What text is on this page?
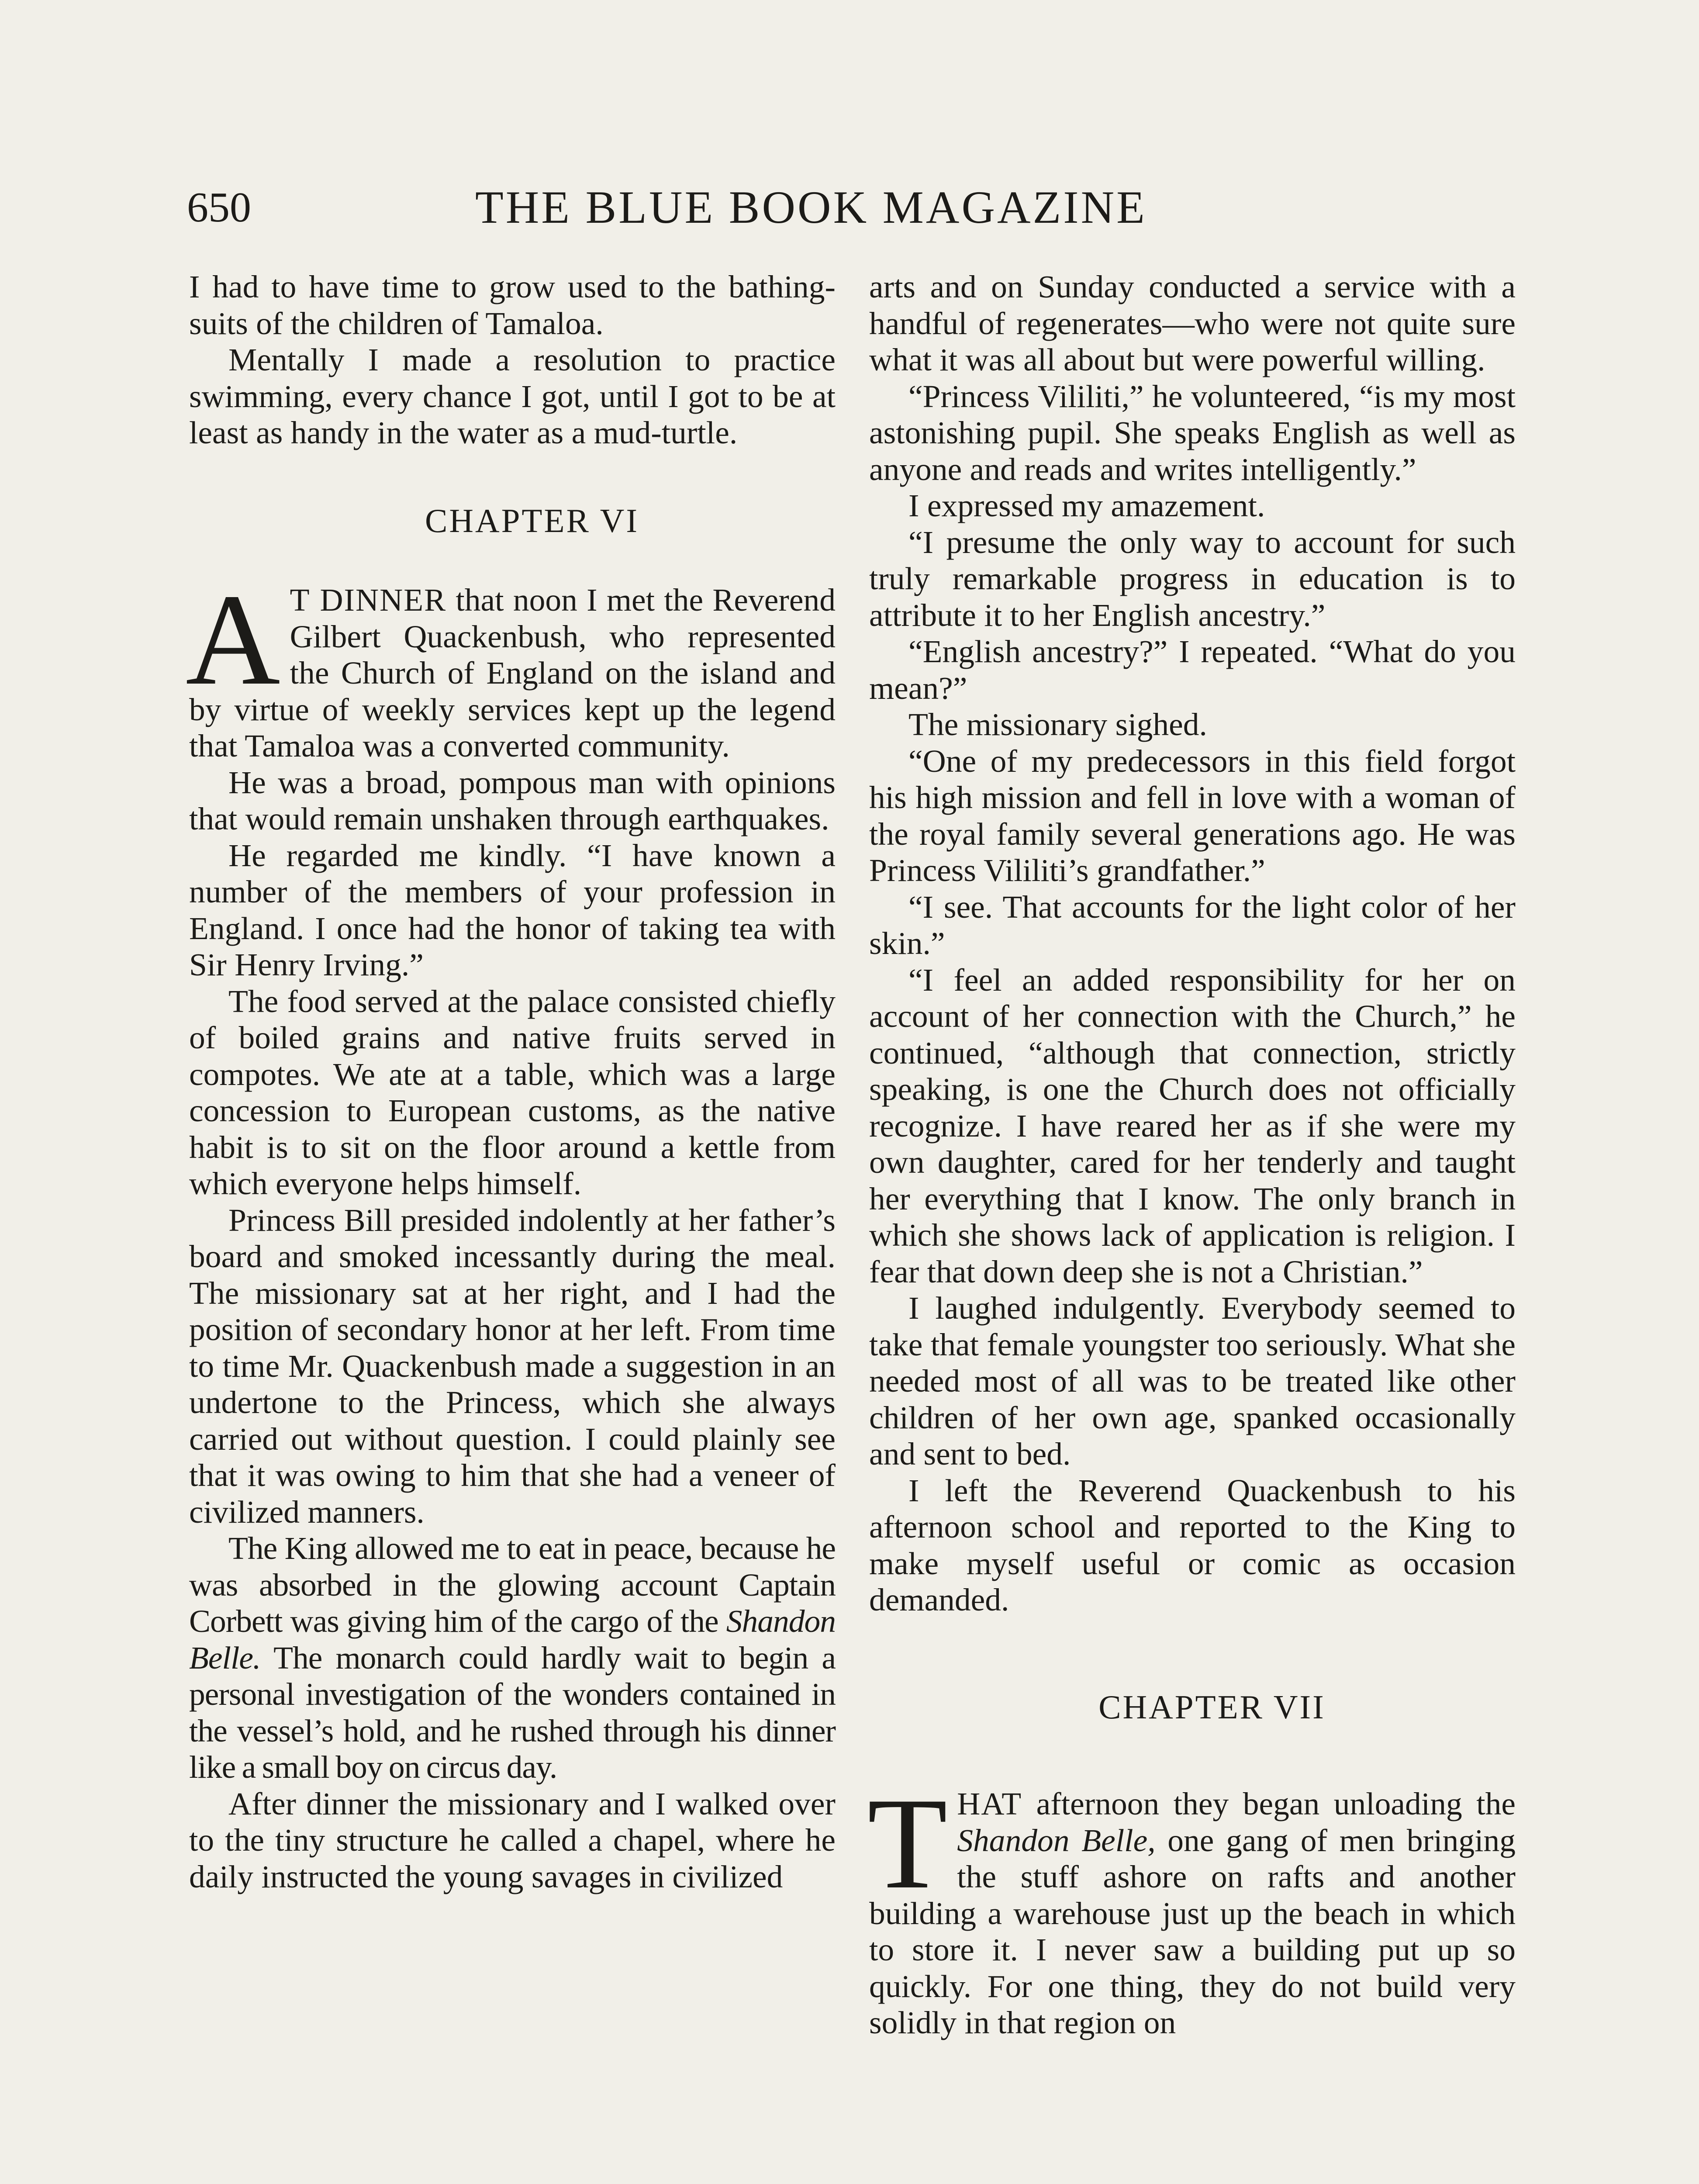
650	THE BLUE BOOK MAGAZINE

I had to have time to grow used to the bathing-suits of the children of Tamaloa.

Mentally I made a resolution to practice swimming, every chance I got, until I got to be at least as handy in the water as a mud-turtle.

CHAPTER VI

A T DINNER that noon I met the Reverend Gilbert Quackenbush, who represented the Church of England on the island and by virtue of weekly services kept up the legend that Tamaloa was a converted community.

He was a broad, pompous man with opinions that would remain unshaken through earthquakes.

He regarded me kindly. “I have known a number of the members of your profession in England. I once had the honor of taking tea with Sir Henry Irving.”

The food served at the palace consisted chiefly of boiled grains and native fruits served in compotes. We ate at a table, which was a large concession to European customs, as the native habit is to sit on the floor around a kettle from which everyone helps himself.

Princess Bill presided indolently at her father’s board and smoked incessantly during the meal. The missionary sat at her right, and I had the position of secondary honor at her left. From time to time Mr. Quackenbush made a suggestion in an undertone to the Princess, which she always carried out without question. I could plainly see that it was owing to him that she had a veneer of civilized manners.

The King allowed me to eat in peace, because he was absorbed in the glowing account Captain Corbett was giving him of the cargo of the Shandon Belle. The monarch could hardly wait to begin a personal investigation of the wonders contained in the vessel’s hold, and he rushed through his dinner like a small boy on circus day.

After dinner the missionary and I walked over to the tiny structure he called a chapel, where he daily instructed the young savages in civilized

arts and on Sunday conducted a service with a handful of regenerates—who were not quite sure what it was all about but were powerful willing.

“Princess Vililiti,” he volunteered, “is my most astonishing pupil. She speaks English as well as anyone and reads and writes intelligently.”

I expressed my amazement.

“I presume the only way to account for such truly remarkable progress in education is to attribute it to her English ancestry.”

“English ancestry?” I repeated. “What do you mean?”

The missionary sighed.

“One of my predecessors in this field forgot his high mission and fell in love with a woman of the royal family several generations ago. He was Princess Vililiti’s grandfather.”

“I see. That accounts for the light color of her skin.”

“I feel an added responsibility for her on account of her connection with the Church,” he continued, “although that connection, strictly speaking, is one the Church does not officially recognize. I have reared her as if she were my own daughter, cared for her tenderly and taught her everything that I know. The only branch in which she shows lack of application is religion. I fear that down deep she is not a Christian.”

I laughed indulgently. Everybody seemed to take that female youngster too seriously. What she needed most of all was to be treated like other children of her own age, spanked occasionally and sent to bed.

I left the Reverend Quackenbush to his afternoon school and reported to the King to make myself useful or comic as occasion demanded.

CHAPTER VII

THAT afternoon they began unloading the Shandon Belle, one gang of men bringing the stuff ashore on rafts and another building a warehouse just up the beach in which to store it. I never saw a building put up so quickly. For one thing, they do not build very solidly in that region on
